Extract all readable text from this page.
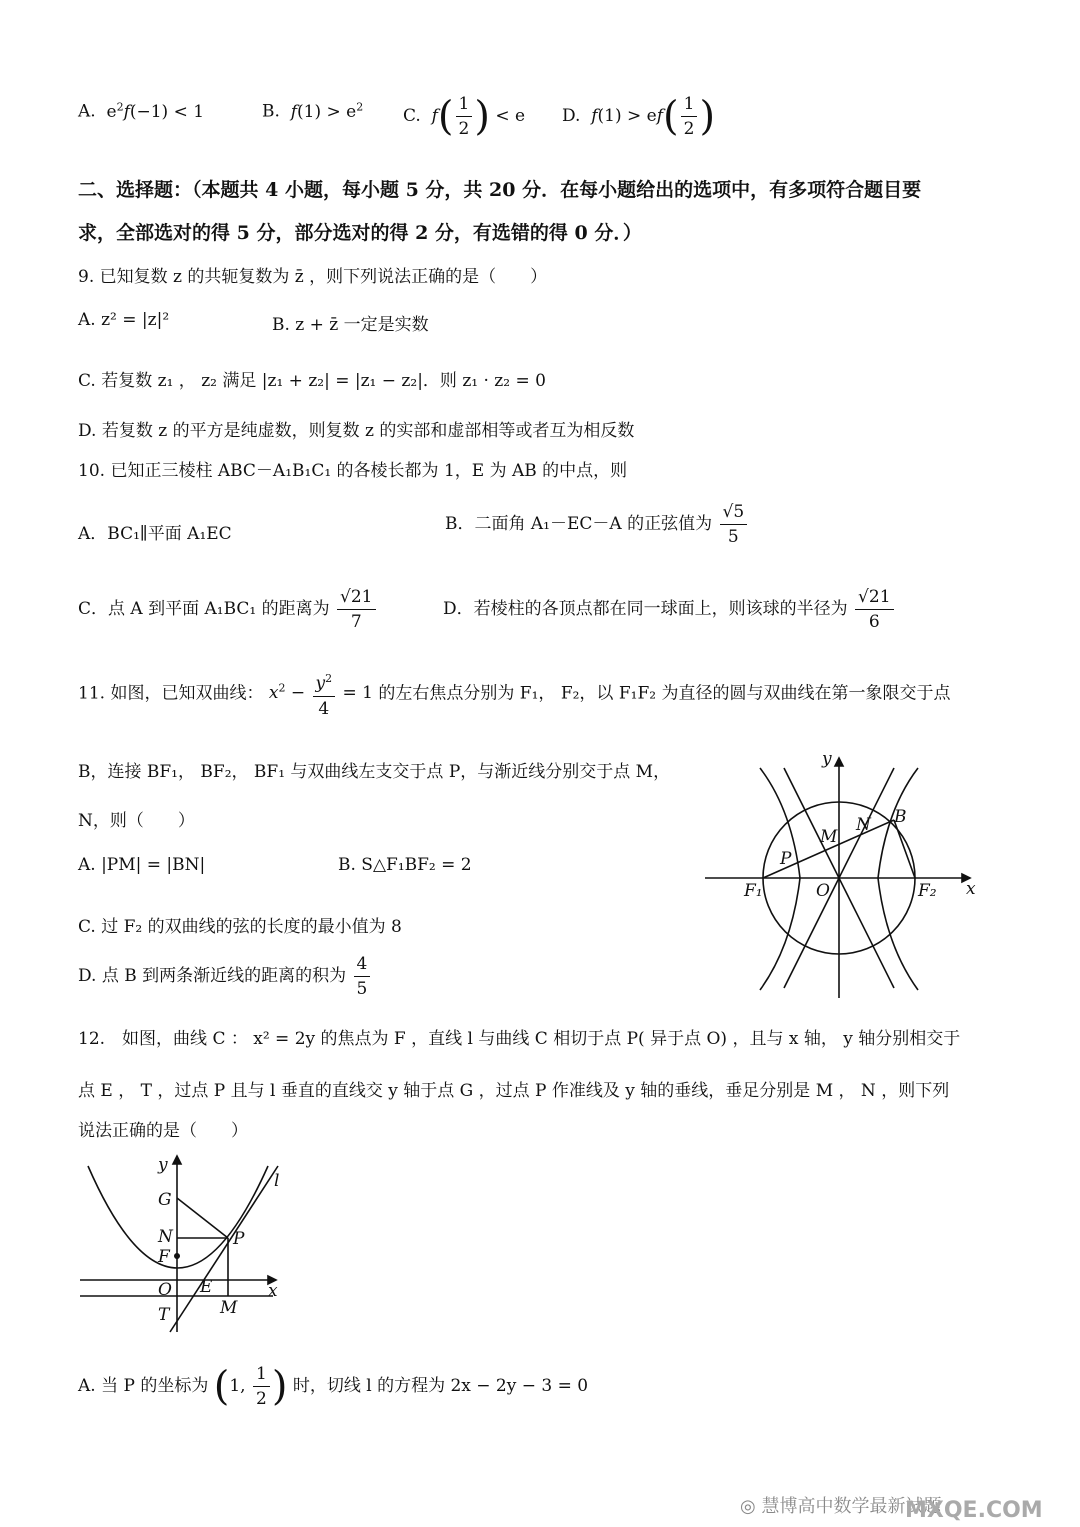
A.  $e^2f(-1) < 1$	B. $f(1) > e^2$ C. $f( \frac{1}{2}$ ) < e D. $f(1) > ef( \frac{1}{2}$ )
二、选择题：（本题共 4 小题，每小题 5 分，共 20 分．在每小题给出的选项中，有多项符合题目要
求，全部选对的得 5 分，部分选对的得 2 分，有选错的得 0 分．）
9. 已知复数 z 的共轭复数为 z̄ ，则下列说法正确的是（　　）
A. z² = |z|²	B. z + z̄ 一定是实数
C. 若复数 z₁ ， z₂ 满足 |z₁ + z₂| = |z₁ − z₂|．则 z₁ · z₂ = 0
D. 若复数 z 的平方是纯虚数，则复数 z 的实部和虚部相等或者互为相反数
10. 已知正三棱柱 ABC－A₁B₁C₁ 的各棱长都为 1，E 为 AB 的中点，则
A．BC₁∥平面 A₁EC	B．二面角 A₁－EC－A 的正弦值为 $\frac{√5}{5}$
C．点 A 到平面 A₁BC₁ 的距离为 $\frac{√21}{7}$	D．若棱柱的各顶点都在同一球面上，则该球的半径为 $\frac{√21}{6}$
11. 如图，已知双曲线： $x^2 - \frac{y^2}{4} = 1$ 的左右焦点分别为 F₁， F₂，以 F₁F₂ 为直径的圆与双曲线在第一象限交于点
B，连接 BF₁， BF₂， BF₁ 与双曲线左支交于点 P，与渐近线分别交于点 M，
N，则（　　）
A. |PM| = |BN|	B. S△F₁BF₂ = 2
C. 过 F₂ 的双曲线的弦的长度的最小值为 8
D. 点 B 到两条渐近线的距离的积为 $\frac{4}{5}$
y
x
O
F₁	F₂
B
M
N
P
12.　如图，曲线 C ： x² = 2y 的焦点为 F ，直线 l 与曲线 C 相切于点 P( 异于点 O) ，且与 x 轴， y 轴分别相交于
点 E ， T ，过点 P 且与 l 垂直的直线交 y 轴于点 G ，过点 P 作准线及 y 轴的垂线，垂足分别是 M ， N ，则下列
说法正确的是（　　）
y
x
l
G
N
F
O E
T	M
P
A. 当 P 的坐标为 (1, $\frac{1}{2}$ ) 时，切线 l 的方程为 2x − 2y − 3 = 0
◎ 慧博高中数学最新试题
MXQE.COM
